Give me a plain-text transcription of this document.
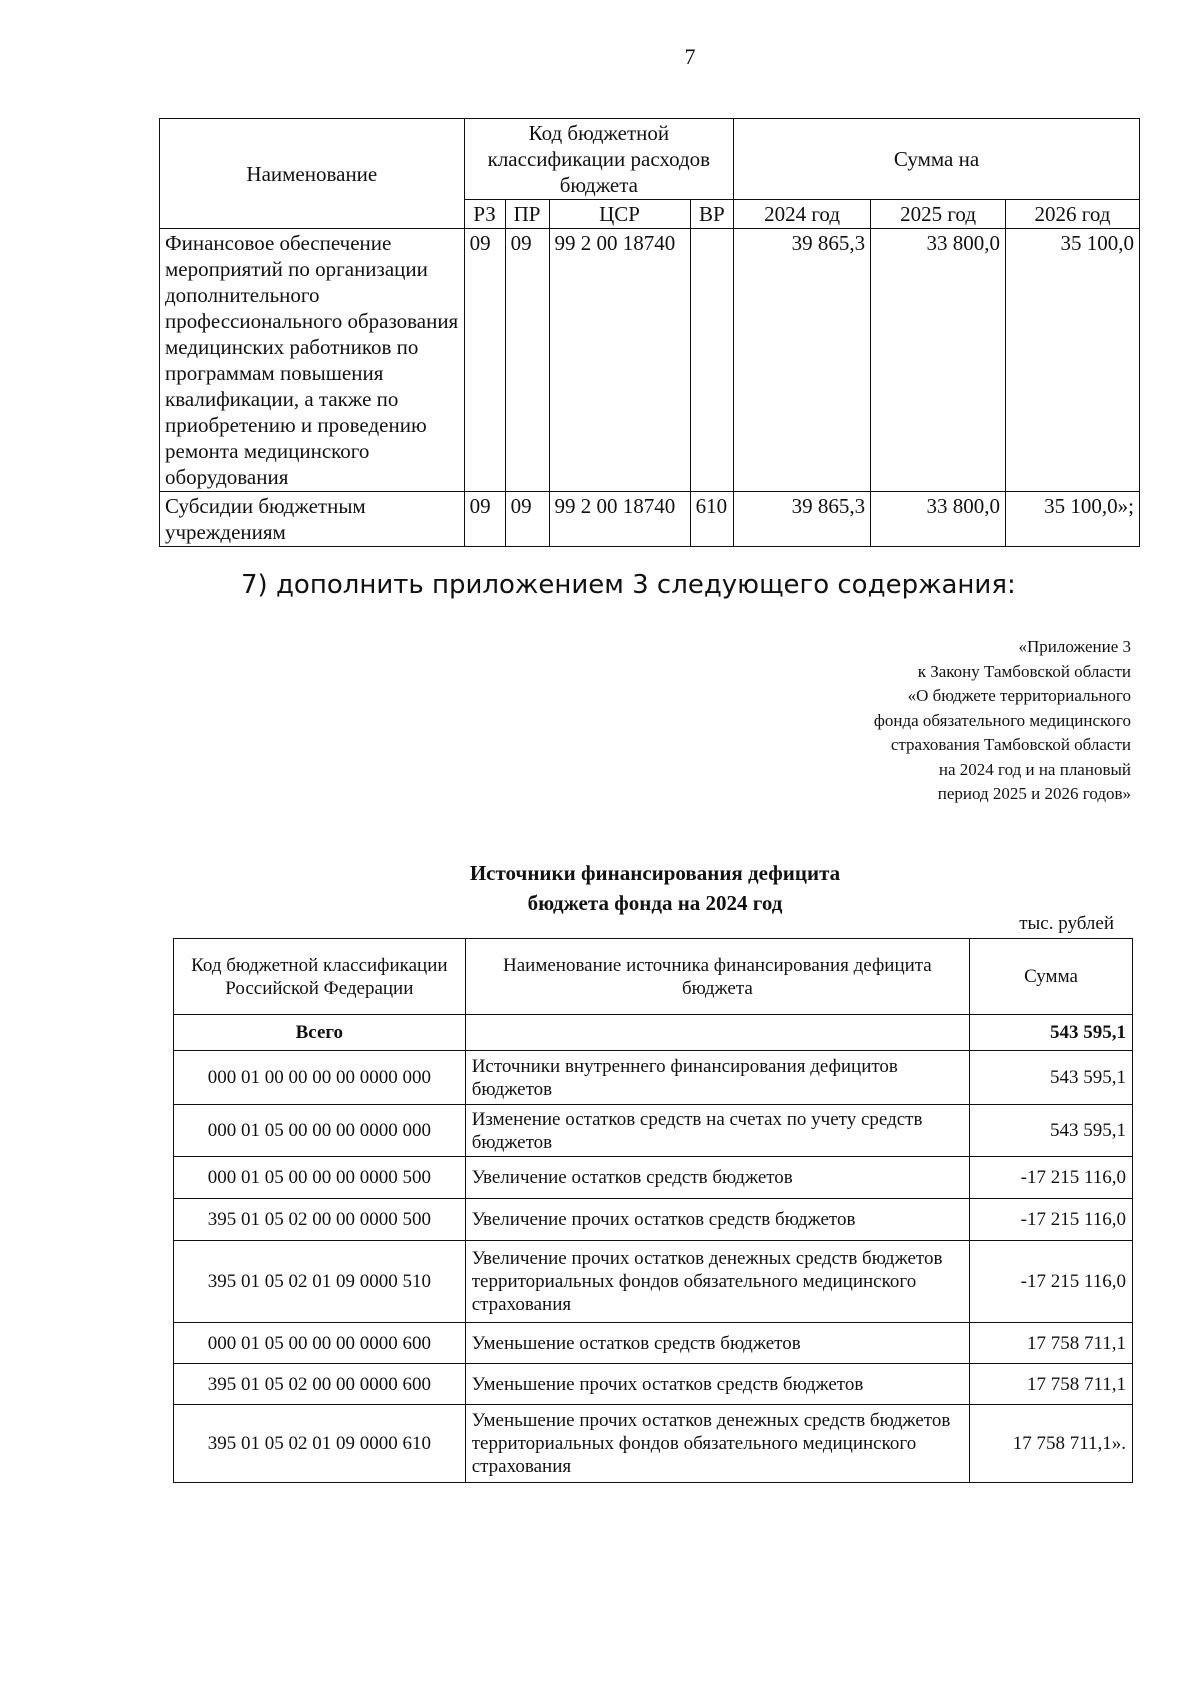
7
Наименование	Код бюджетной классификации расходов бюджета				Сумма на		
	РЗ	ПР	ЦСР	ВР	2024 год	2025 год	2026 год
Финансовое обеспечение мероприятий по организации дополнительного профессионального образования медицинских работников по программам повышения квалификации, а также по приобретению и проведению ремонта медицинского оборудования	09	09	99 2 00 18740		39 865,3	33 800,0	35 100,0
Субсидии бюджетным учреждениям	09	09	99 2 00 18740	610	39 865,3	33 800,0	35 100,0»;
7) дополнить приложением 3 следующего содержания:
«Приложение 3
к Закону Тамбовской области
«О бюджете территориального
фонда обязательного медицинского
страхования Тамбовской области
на 2024 год и на плановый
период 2025 и 2026 годов»
Источники финансирования дефицита
бюджета фонда на 2024 год
тыс. рублей
Код бюджетной классификации Российской Федерации	Наименование источника финансирования дефицита бюджета	Сумма
Всего		543 595,1
000 01 00 00 00 00 0000 000	Источники внутреннего финансирования дефицитов бюджетов	543 595,1
000 01 05 00 00 00 0000 000	Изменение остатков средств на счетах по учету средств бюджетов	543 595,1
000 01 05 00 00 00 0000 500	Увеличение остатков средств бюджетов	-17 215 116,0
395 01 05 02 00 00 0000 500	Увеличение прочих остатков средств бюджетов	-17 215 116,0
395 01 05 02 01 09 0000 510	Увеличение прочих остатков денежных средств бюджетов территориальных фондов обязательного медицинского страхования	-17 215 116,0
000 01 05 00 00 00 0000 600	Уменьшение остатков средств бюджетов	17 758 711,1
395 01 05 02 00 00 0000 600	Уменьшение прочих остатков средств бюджетов	17 758 711,1
395 01 05 02 01 09 0000 610	Уменьшение прочих остатков денежных средств бюджетов территориальных фондов обязательного медицинского страхования	17 758 711,1».
